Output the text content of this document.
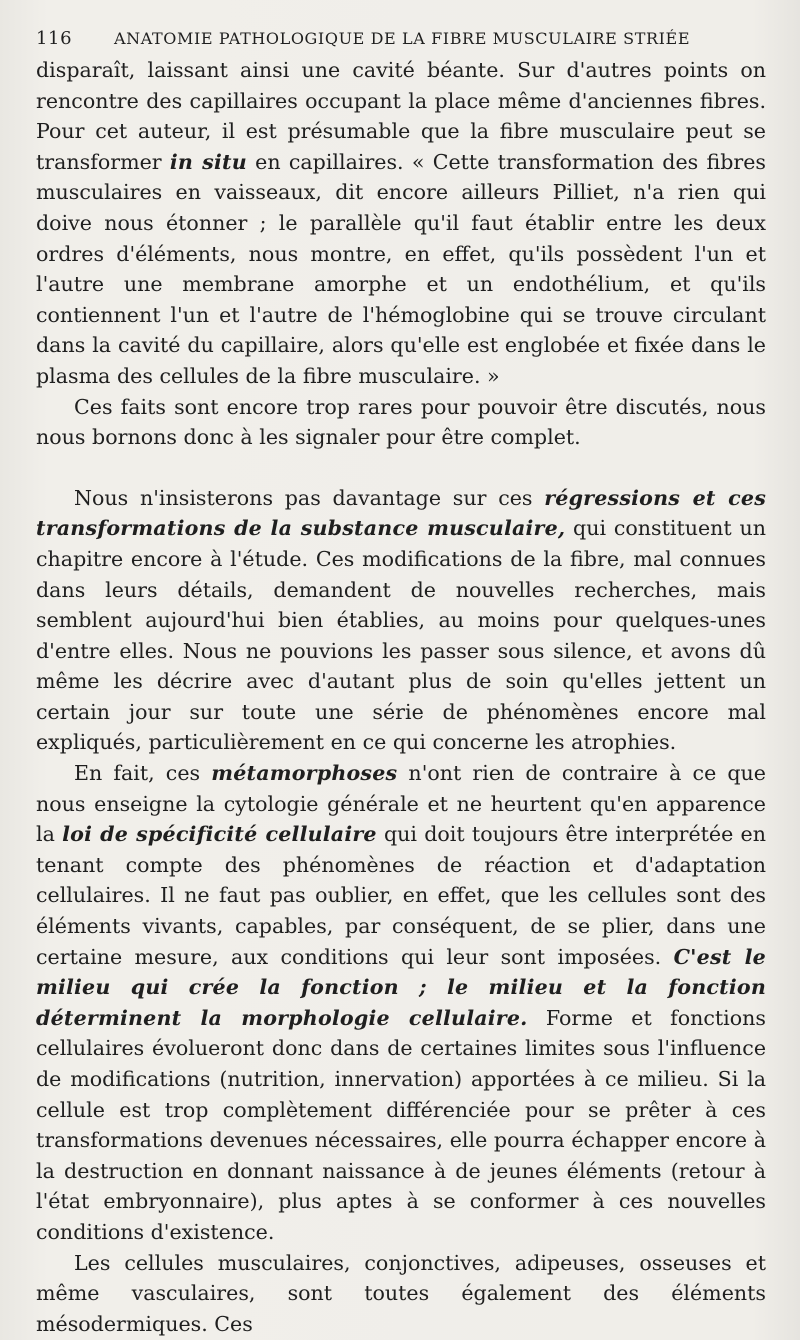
116	ANATOMIE PATHOLOGIQUE DE LA FIBRE MUSCULAIRE STRIÉE

disparaît, laissant ainsi une cavité béante. Sur d'autres points on rencontre des capillaires occupant la place même d'anciennes fibres. Pour cet auteur, il est présumable que la fibre musculaire peut se transformer in situ en capillaires. « Cette transformation des fibres musculaires en vaisseaux, dit encore ailleurs Pilliet, n'a rien qui doive nous étonner ; le parallèle qu'il faut établir entre les deux ordres d'éléments, nous montre, en effet, qu'ils possèdent l'un et l'autre une membrane amorphe et un endothélium, et qu'ils contiennent l'un et l'autre de l'hémoglobine qui se trouve circulant dans la cavité du capillaire, alors qu'elle est englobée et fixée dans le plasma des cellules de la fibre musculaire. »

Ces faits sont encore trop rares pour pouvoir être discutés, nous nous bornons donc à les signaler pour être complet.

Nous n'insisterons pas davantage sur ces régressions et ces transformations de la substance musculaire, qui constituent un chapitre encore à l'étude. Ces modifications de la fibre, mal connues dans leurs détails, demandent de nouvelles recherches, mais semblent aujourd'hui bien établies, au moins pour quelques-unes d'entre elles. Nous ne pouvions les passer sous silence, et avons dû même les décrire avec d'autant plus de soin qu'elles jettent un certain jour sur toute une série de phénomènes encore mal expliqués, particulièrement en ce qui concerne les atrophies.

En fait, ces métamorphoses n'ont rien de contraire à ce que nous enseigne la cytologie générale et ne heurtent qu'en apparence la loi de spécificité cellulaire qui doit toujours être interprétée en tenant compte des phénomènes de réaction et d'adaptation cellulaires. Il ne faut pas oublier, en effet, que les cellules sont des éléments vivants, capables, par conséquent, de se plier, dans une certaine mesure, aux conditions qui leur sont imposées. C'est le milieu qui crée la fonction ; le milieu et la fonction déterminent la morphologie cellulaire. Forme et fonctions cellulaires évolueront donc dans de certaines limites sous l'influence de modifications (nutrition, innervation) apportées à ce milieu. Si la cellule est trop complètement différenciée pour se prêter à ces transformations devenues nécessaires, elle pourra échapper encore à la destruction en donnant naissance à de jeunes éléments (retour à l'état embryonnaire), plus aptes à se conformer à ces nouvelles conditions d'existence.

Les cellules musculaires, conjonctives, adipeuses, osseuses et même vasculaires, sont toutes également des éléments mésodermiques. Ces
